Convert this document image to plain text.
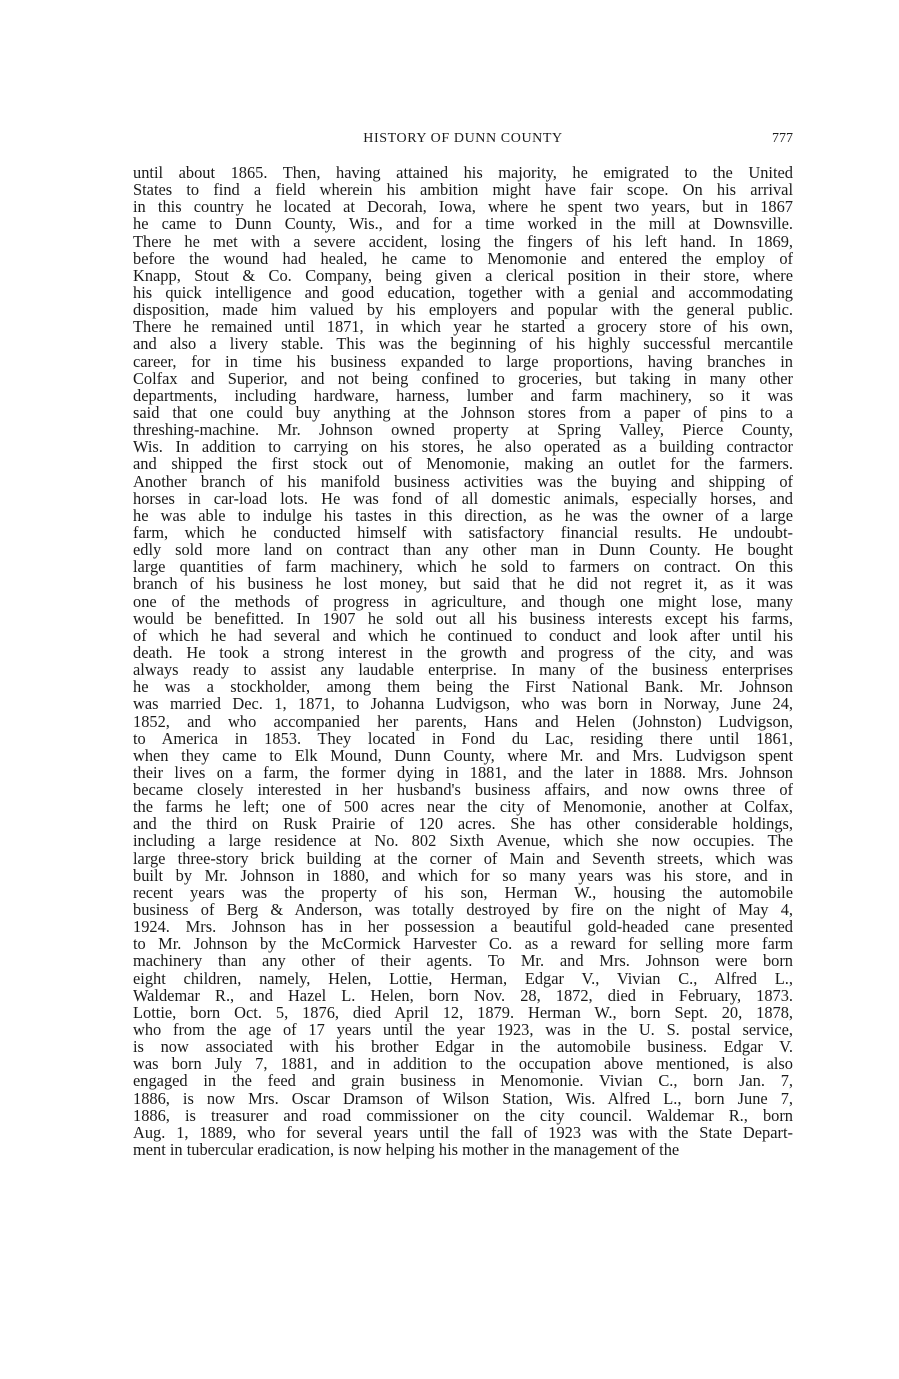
HISTORY OF DUNN COUNTY	777
until about 1865. Then, having attained his majority, he emigrated to the United
States to find a field wherein his ambition might have fair scope. On his arrival
in this country he located at Decorah, Iowa, where he spent two years, but in 1867
he came to Dunn County, Wis., and for a time worked in the mill at Downsville.
There he met with a severe accident, losing the fingers of his left hand. In 1869,
before the wound had healed, he came to Menomonie and entered the employ of
Knapp, Stout & Co. Company, being given a clerical position in their store, where
his quick intelligence and good education, together with a genial and accommodating
disposition, made him valued by his employers and popular with the general public.
There he remained until 1871, in which year he started a grocery store of his own,
and also a livery stable. This was the beginning of his highly successful mercantile
career, for in time his business expanded to large proportions, having branches in
Colfax and Superior, and not being confined to groceries, but taking in many other
departments, including hardware, harness, lumber and farm machinery, so it was
said that one could buy anything at the Johnson stores from a paper of pins to a
threshing-machine. Mr. Johnson owned property at Spring Valley, Pierce County,
Wis. In addition to carrying on his stores, he also operated as a building contractor
and shipped the first stock out of Menomonie, making an outlet for the farmers.
Another branch of his manifold business activities was the buying and shipping of
horses in car-load lots. He was fond of all domestic animals, especially horses, and
he was able to indulge his tastes in this direction, as he was the owner of a large
farm, which he conducted himself with satisfactory financial results. He undoubt-
edly sold more land on contract than any other man in Dunn County. He bought
large quantities of farm machinery, which he sold to farmers on contract. On this
branch of his business he lost money, but said that he did not regret it, as it was
one of the methods of progress in agriculture, and though one might lose, many
would be benefitted. In 1907 he sold out all his business interests except his farms,
of which he had several and which he continued to conduct and look after until his
death. He took a strong interest in the growth and progress of the city, and was
always ready to assist any laudable enterprise. In many of the business enterprises
he was a stockholder, among them being the First National Bank. Mr. Johnson
was married Dec. 1, 1871, to Johanna Ludvigson, who was born in Norway, June 24,
1852, and who accompanied her parents, Hans and Helen (Johnston) Ludvigson,
to America in 1853. They located in Fond du Lac, residing there until 1861,
when they came to Elk Mound, Dunn County, where Mr. and Mrs. Ludvigson spent
their lives on a farm, the former dying in 1881, and the later in 1888. Mrs. Johnson
became closely interested in her husband's business affairs, and now owns three of
the farms he left; one of 500 acres near the city of Menomonie, another at Colfax,
and the third on Rusk Prairie of 120 acres. She has other considerable holdings,
including a large residence at No. 802 Sixth Avenue, which she now occupies. The
large three-story brick building at the corner of Main and Seventh streets, which was
built by Mr. Johnson in 1880, and which for so many years was his store, and in
recent years was the property of his son, Herman W., housing the automobile
business of Berg & Anderson, was totally destroyed by fire on the night of May 4,
1924. Mrs. Johnson has in her possession a beautiful gold-headed cane presented
to Mr. Johnson by the McCormick Harvester Co. as a reward for selling more farm
machinery than any other of their agents. To Mr. and Mrs. Johnson were born
eight children, namely, Helen, Lottie, Herman, Edgar V., Vivian C., Alfred L.,
Waldemar R., and Hazel L. Helen, born Nov. 28, 1872, died in February, 1873.
Lottie, born Oct. 5, 1876, died April 12, 1879. Herman W., born Sept. 20, 1878,
who from the age of 17 years until the year 1923, was in the U. S. postal service,
is now associated with his brother Edgar in the automobile business. Edgar V.
was born July 7, 1881, and in addition to the occupation above mentioned, is also
engaged in the feed and grain business in Menomonie. Vivian C., born Jan. 7,
1886, is now Mrs. Oscar Dramson of Wilson Station, Wis. Alfred L., born June 7,
1886, is treasurer and road commissioner on the city council. Waldemar R., born
Aug. 1, 1889, who for several years until the fall of 1923 was with the State Depart-
ment in tubercular eradication, is now helping his mother in the management of the
